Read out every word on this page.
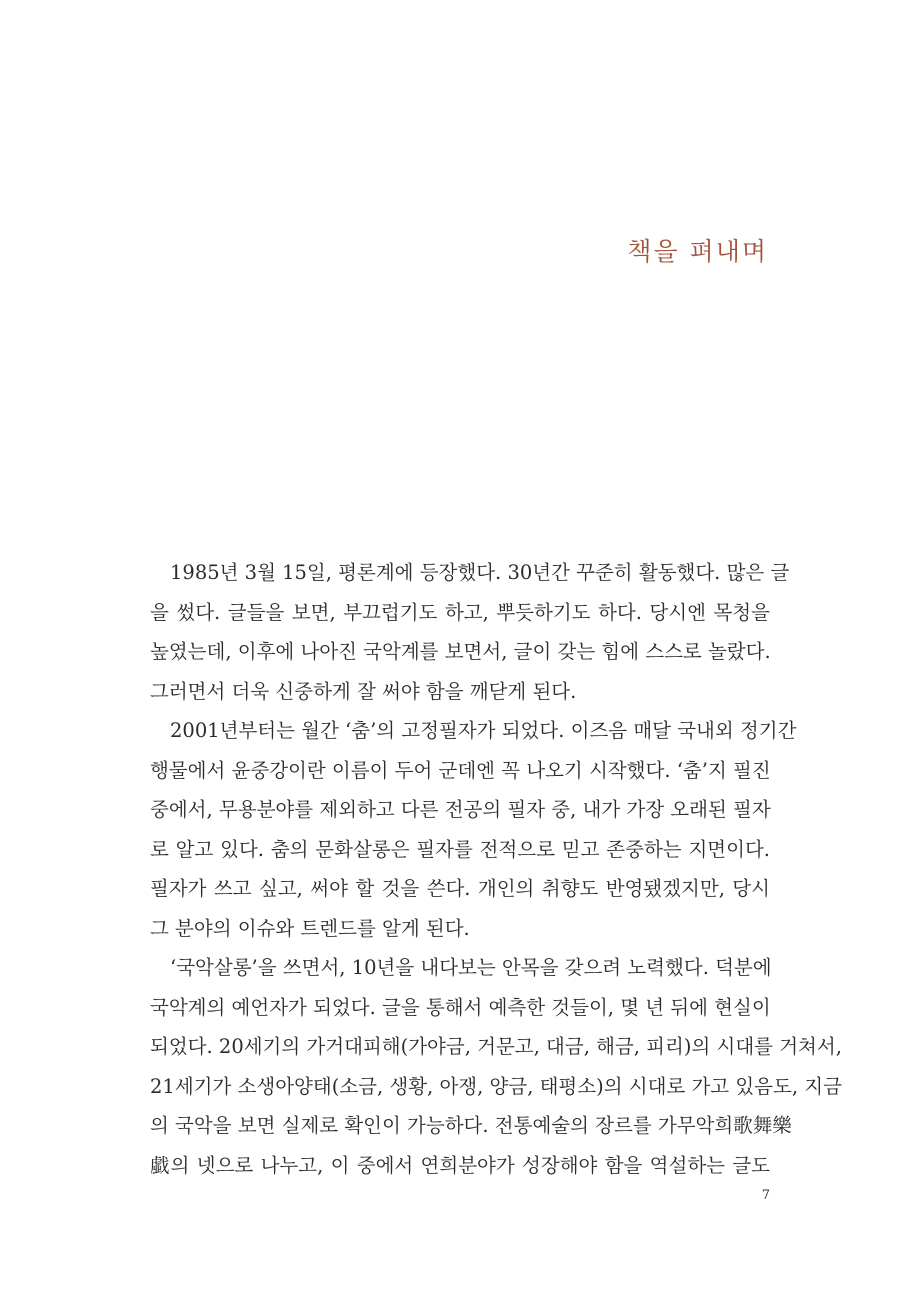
책을 펴내며
1985년 3월 15일, 평론계에 등장했다. 30년간 꾸준히 활동했다. 많은 글
을 썼다. 글들을 보면, 부끄럽기도 하고, 뿌듯하기도 하다. 당시엔 목청을
높였는데, 이후에 나아진 국악계를 보면서, 글이 갖는 힘에 스스로 놀랐다.
그러면서 더욱 신중하게 잘 써야 함을 깨닫게 된다.
2001년부터는 월간 ‘춤’의 고정필자가 되었다. 이즈음 매달 국내외 정기간
행물에서 윤중강이란 이름이 두어 군데엔 꼭 나오기 시작했다. ‘춤’지 필진
중에서, 무용분야를 제외하고 다른 전공의 필자 중, 내가 가장 오래된 필자
로 알고 있다. 춤의 문화살롱은 필자를 전적으로 믿고 존중하는 지면이다.
필자가 쓰고 싶고, 써야 할 것을 쓴다. 개인의 취향도 반영됐겠지만, 당시
그 분야의 이슈와 트렌드를 알게 된다.
‘국악살롱’을 쓰면서, 10년을 내다보는 안목을 갖으려 노력했다. 덕분에
국악계의 예언자가 되었다. 글을 통해서 예측한 것들이, 몇 년 뒤에 현실이
되었다. 20세기의 가거대피해(가야금, 거문고, 대금, 해금, 피리)의 시대를 거쳐서,
21세기가 소생아양태(소금, 생황, 아쟁, 양금, 태평소)의 시대로 가고 있음도, 지금
의 국악을 보면 실제로 확인이 가능하다. 전통예술의 장르를 가무악희歌舞樂
戱의 넷으로 나누고, 이 중에서 연희분야가 성장해야 함을 역설하는 글도
7
